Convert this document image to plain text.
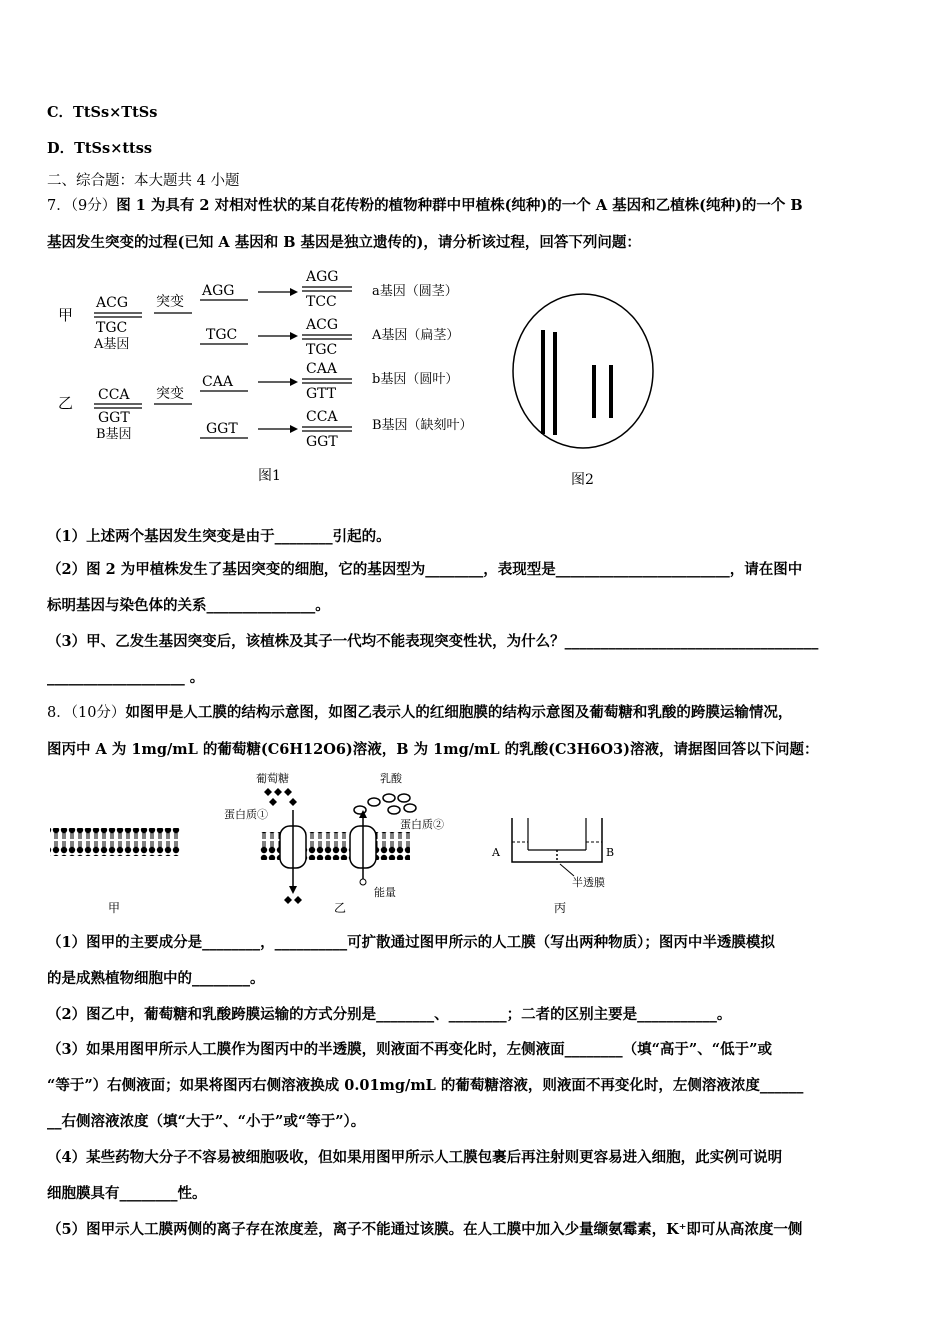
C．TtSs×TtSs
D．TtSs×ttss
二、综合题：本大题共 4 小题
7．（9分）图 1 为具有 2 对相对性状的某自花传粉的植物种群中甲植株(纯种)的一个 A 基因和乙植株(纯种)的一个 B
基因发生突变的过程(已知 A 基因和 B 基因是独立遗传的)，请分析该过程，回答下列问题：
甲
乙
ACG
TGC
A基因
突变
CCA
GGT
B基因
突变
AGG
AGG
TCC
a基因（圆茎）
TGC
ACG
TGC
A基因（扁茎）
CAA
CAA
GTT
b基因（圆叶）
GGT
CCA
GGT
B基因（缺刻叶）
图1	图2
（1）上述两个基因发生突变是由于________引起的。
（2）图 2 为甲植株发生了基因突变的细胞，它的基因型为________，表现型是________________________，请在图中
标明基因与染色体的关系_______________。
（3）甲、乙发生基因突变后，该植株及其子一代均不能表现突变性状，为什么？___________________________________
___________________ 。
8．（10分）如图甲是人工膜的结构示意图，如图乙表示人的红细胞膜的结构示意图及葡萄糖和乳酸的跨膜运输情况，
图丙中 A 为 1mg/mL 的葡萄糖(C6H12O6)溶液，B 为 1mg/mL 的乳酸(C3H6O3)溶液，请据图回答以下问题：
甲
葡萄糖	乳酸
蛋白质①
蛋白质②
能量
乙
A	B
半透膜
丙
（1）图甲的主要成分是________，__________可扩散通过图甲所示的人工膜（写出两种物质）；图丙中半透膜模拟
的是成熟植物细胞中的________。
（2）图乙中，葡萄糖和乳酸跨膜运输的方式分别是________、________；二者的区别主要是___________。
（3）如果用图甲所示人工膜作为图丙中的半透膜，则液面不再变化时，左侧液面________（填“高于”、“低于”或
“等于”）右侧液面；如果将图丙右侧溶液换成 0.01mg/mL 的葡萄糖溶液，则液面不再变化时，左侧溶液浓度______
__右侧溶液浓度（填“大于”、“小于”或“等于”）。
（4）某些药物大分子不容易被细胞吸收，但如果用图甲所示人工膜包裹后再注射则更容易进入细胞，此实例可说明
细胞膜具有________性。
（5）图甲示人工膜两侧的离子存在浓度差，离子不能通过该膜。在人工膜中加入少量缬氨霉素，K⁺即可从高浓度一侧
